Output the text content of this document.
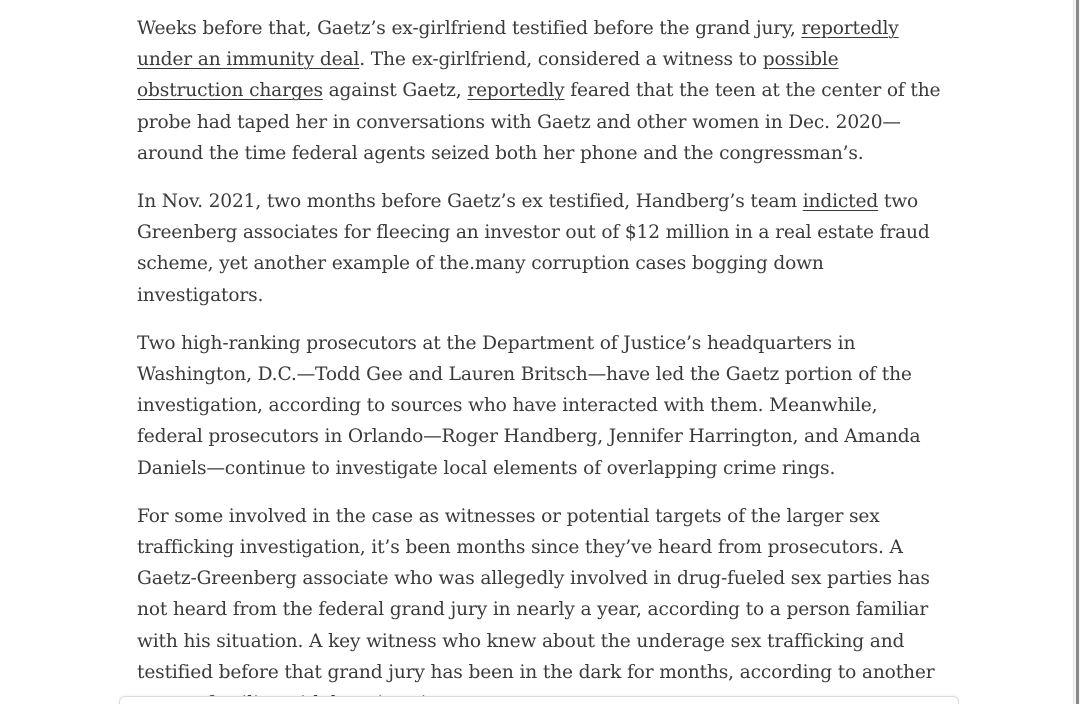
Weeks before that, Gaetz’s ex-girlfriend testified before the grand jury, reportedly under an immunity deal. The ex-girlfriend, considered a witness to possible obstruction charges against Gaetz, reportedly feared that the teen at the center of the probe had taped her in conversations with Gaetz and other women in Dec. 2020—around the time federal agents seized both her phone and the congressman’s.

In Nov. 2021, two months before Gaetz’s ex testified, Handberg’s team indicted two Greenberg associates for fleecing an investor out of $12 million in a real estate fraud scheme, yet another example of the.many corruption cases bogging down investigators.

Two high-ranking prosecutors at the Department of Justice’s headquarters in Washington, D.C.—Todd Gee and Lauren Britsch—have led the Gaetz portion of the investigation, according to sources who have interacted with them. Meanwhile, federal prosecutors in Orlando—Roger Handberg, Jennifer Harrington, and Amanda Daniels—continue to investigate local elements of overlapping crime rings.

For some involved in the case as witnesses or potential targets of the larger sex trafficking investigation, it’s been months since they’ve heard from prosecutors. A Gaetz-Greenberg associate who was allegedly involved in drug-fueled sex parties has not heard from the federal grand jury in nearly a year, according to a person familiar with his situation. A key witness who knew about the underage sex trafficking and testified before that grand jury has been in the dark for months, according to another
